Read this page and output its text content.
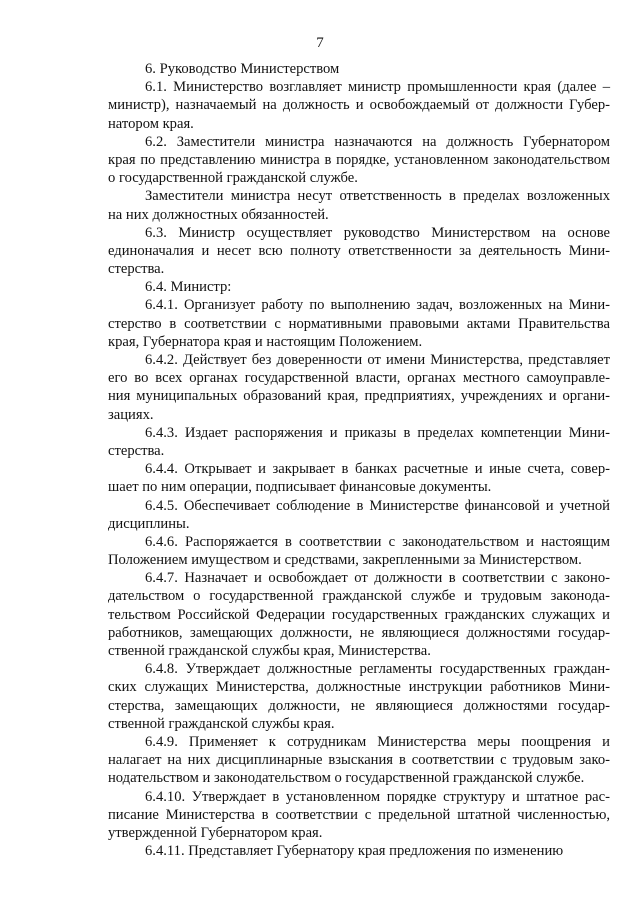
7
6. Руководство Министерством
6.1. Министерство возглавляет министр промышленности края (далее –
министр), назначаемый на должность и освобождаемый от должности Губер-
натором края.
6.2. Заместители министра назначаются на должность Губернатором
края по представлению министра в порядке, установленном законодательством
о государственной гражданской службе.
Заместители министра несут ответственность в пределах возложенных
на них должностных обязанностей.
6.3. Министр осуществляет руководство Министерством на основе
единоначалия и несет всю полноту ответственности за деятельность Мини-
стерства.
6.4. Министр:
6.4.1. Организует работу по выполнению задач, возложенных на Мини-
стерство в соответствии с нормативными правовыми актами Правительства
края, Губернатора края и настоящим Положением.
6.4.2. Действует без доверенности от имени Министерства, представляет
его во всех органах государственной власти, органах местного самоуправле-
ния муниципальных образований края, предприятиях, учреждениях и органи-
зациях.
6.4.3. Издает распоряжения и приказы в пределах компетенции Мини-
стерства.
6.4.4. Открывает и закрывает в банках расчетные и иные счета, совер-
шает по ним операции, подписывает финансовые документы.
6.4.5. Обеспечивает соблюдение в Министерстве финансовой и учетной
дисциплины.
6.4.6. Распоряжается в соответствии с законодательством и настоящим
Положением имуществом и средствами, закрепленными за Министерством.
6.4.7. Назначает и освобождает от должности в соответствии с законо-
дательством о государственной гражданской службе и трудовым законода-
тельством Российской Федерации государственных гражданских служащих и
работников, замещающих должности, не являющиеся должностями государ-
ственной гражданской службы края, Министерства.
6.4.8. Утверждает должностные регламенты государственных граждан-
ских служащих Министерства, должностные инструкции работников Мини-
стерства, замещающих должности, не являющиеся должностями государ-
ственной гражданской службы края.
6.4.9. Применяет к сотрудникам Министерства меры поощрения и
налагает на них дисциплинарные взыскания в соответствии с трудовым зако-
нодательством и законодательством о государственной гражданской службе.
6.4.10. Утверждает в установленном порядке структуру и штатное рас-
писание Министерства в соответствии с предельной штатной численностью,
утвержденной Губернатором края.
6.4.11. Представляет Губернатору края предложения по изменению
